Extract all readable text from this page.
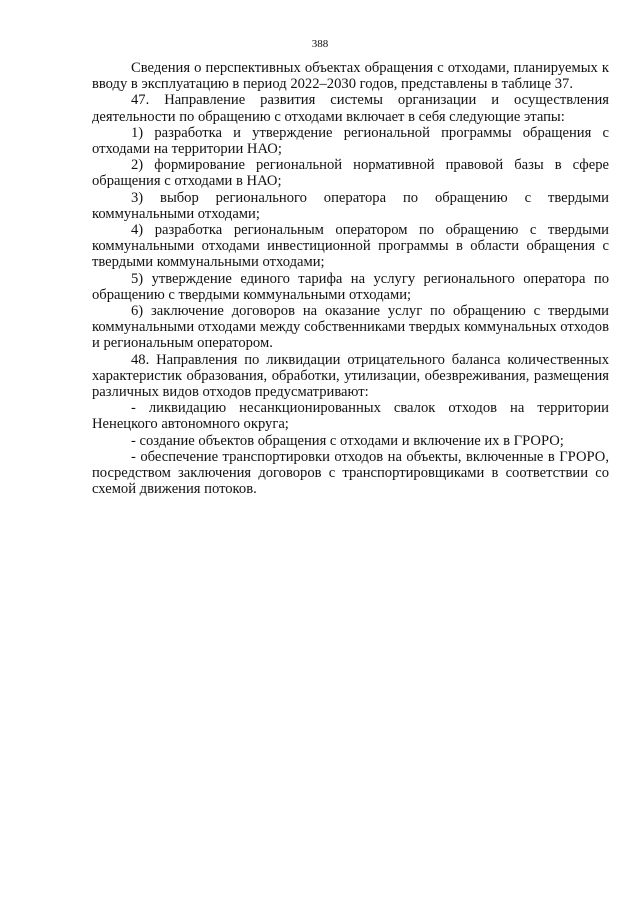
388

Сведения о перспективных объектах обращения с отходами, планируемых к вводу в эксплуатацию в период 2022–2030 годов, представлены в таблице 37.

47. Направление развития системы организации и осуществления деятельности по обращению с отходами включает в себя следующие этапы:

1) разработка и утверждение региональной программы обращения с отходами на территории НАО;

2) формирование региональной нормативной правовой базы в сфере обращения с отходами в НАО;

3) выбор регионального оператора по обращению с твердыми коммунальными отходами;

4) разработка региональным оператором по обращению с твердыми коммунальными отходами инвестиционной программы в области обращения с твердыми коммунальными отходами;

5) утверждение единого тарифа на услугу регионального оператора по обращению с твердыми коммунальными отходами;

6) заключение договоров на оказание услуг по обращению с твердыми коммунальными отходами между собственниками твердых коммунальных отходов и региональным оператором.

48. Направления по ликвидации отрицательного баланса количественных характеристик образования, обработки, утилизации, обезвреживания, размещения различных видов отходов предусматривают:

- ликвидацию несанкционированных свалок отходов на территории Ненецкого автономного округа;

- создание объектов обращения с отходами и включение их в ГРОРО;

- обеспечение транспортировки отходов на объекты, включенные в ГРОРО, посредством заключения договоров с транспортировщиками в соответствии со схемой движения потоков.
